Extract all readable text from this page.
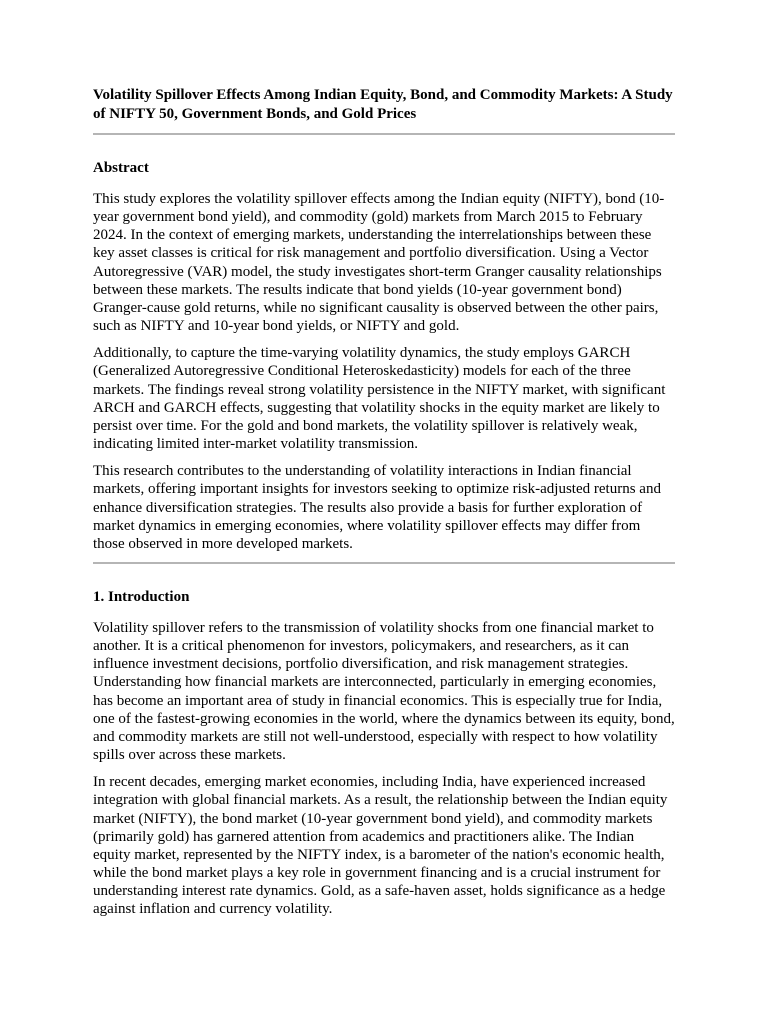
Volatility Spillover Effects Among Indian Equity, Bond, and Commodity Markets: A Study of NIFTY 50, Government Bonds, and Gold Prices
Abstract

This study explores the volatility spillover effects among the Indian equity (NIFTY), bond (10-year government bond yield), and commodity (gold) markets from March 2015 to February 2024. In the context of emerging markets, understanding the interrelationships between these key asset classes is critical for risk management and portfolio diversification. Using a Vector Autoregressive (VAR) model, the study investigates short-term Granger causality relationships between these markets. The results indicate that bond yields (10-year government bond) Granger-cause gold returns, while no significant causality is observed between the other pairs, such as NIFTY and 10-year bond yields, or NIFTY and gold.

Additionally, to capture the time-varying volatility dynamics, the study employs GARCH (Generalized Autoregressive Conditional Heteroskedasticity) models for each of the three markets. The findings reveal strong volatility persistence in the NIFTY market, with significant ARCH and GARCH effects, suggesting that volatility shocks in the equity market are likely to persist over time. For the gold and bond markets, the volatility spillover is relatively weak, indicating limited inter-market volatility transmission.

This research contributes to the understanding of volatility interactions in Indian financial markets, offering important insights for investors seeking to optimize risk-adjusted returns and enhance diversification strategies. The results also provide a basis for further exploration of market dynamics in emerging economies, where volatility spillover effects may differ from those observed in more developed markets.

1. Introduction

Volatility spillover refers to the transmission of volatility shocks from one financial market to another. It is a critical phenomenon for investors, policymakers, and researchers, as it can influence investment decisions, portfolio diversification, and risk management strategies. Understanding how financial markets are interconnected, particularly in emerging economies, has become an important area of study in financial economics. This is especially true for India, one of the fastest-growing economies in the world, where the dynamics between its equity, bond, and commodity markets are still not well-understood, especially with respect to how volatility spills over across these markets.

In recent decades, emerging market economies, including India, have experienced increased integration with global financial markets. As a result, the relationship between the Indian equity market (NIFTY), the bond market (10-year government bond yield), and commodity markets (primarily gold) has garnered attention from academics and practitioners alike. The Indian equity market, represented by the NIFTY index, is a barometer of the nation's economic health, while the bond market plays a key role in government financing and is a crucial instrument for understanding interest rate dynamics. Gold, as a safe-haven asset, holds significance as a hedge against inflation and currency volatility.
